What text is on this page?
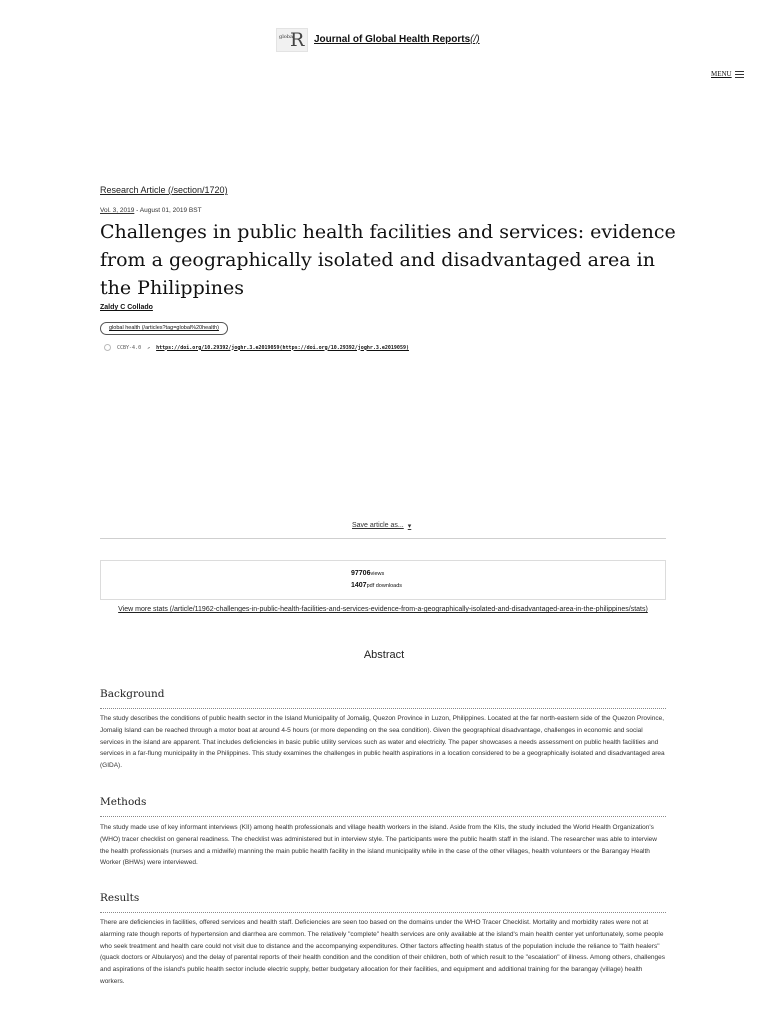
global
R Journal of Global Health Reports(/)
MENU
Research Article (/section/1720)
Vol. 3, 2019 - August 01, 2019 BST
Challenges in public health facilities and services: evidence from a geographically isolated and disadvantaged area in the Philippines
Zaldy C Collado
global health (/articles?tag=global%20health)
CCBY-4.0 ↗ https://doi.org/10.29392/joghr.3.e2019059(https://doi.org/10.29392/joghr.3.e2019059)
Save article as... ▾
97706views
1407pdf downloads
View more stats (/article/11962-challenges-in-public-health-facilities-and-services-evidence-from-a-geographically-isolated-and-disadvantaged-area-in-the-philippines/stats)
Abstract
Background

The study describes the conditions of public health sector in the Island Municipality of Jomalig, Quezon Province in Luzon, Philippines. Located at the far north-eastern side of the Quezon Province, Jomalig Island can be reached through a motor boat at around 4-5 hours (or more depending on the sea condition). Given the geographical disadvantage, challenges in economic and social services in the island are apparent. That includes deficiencies in basic public utility services such as water and electricity. The paper showcases a needs assessment on public health facilities and services in a far-flung municipality in the Philippines. This study examines the challenges in public health aspirations in a location considered to be a geographically isolated and disadvantaged area (GIDA).

Methods

The study made use of key informant interviews (KII) among health professionals and village health workers in the island. Aside from the KIIs, the study included the World Health Organization's (WHO) tracer checklist on general readiness. The checklist was administered but in interview style. The participants were the public health staff in the island. The researcher was able to interview the health professionals (nurses and a midwife) manning the main public health facility in the island municipality while in the case of the other villages, health volunteers or the Barangay Health Worker (BHWs) were interviewed.

Results

There are deficiencies in facilities, offered services and health staff. Deficiencies are seen too based on the domains under the WHO Tracer Checklist. Mortality and morbidity rates were not at alarming rate though reports of hypertension and diarrhea are common. The relatively "complete" health services are only available at the island's main health center yet unfortunately, some people who seek treatment and health care could not visit due to distance and the accompanying expenditures. Other factors affecting health status of the population include the reliance to "faith healers" (quack doctors or Albularyos) and the delay of parental reports of their health condition and the condition of their children, both of which result to the "escalation" of illness. Among others, challenges and aspirations of the island's public health sector include electric supply, better budgetary allocation for their facilities, and equipment and additional training for the barangay (village) health workers.
